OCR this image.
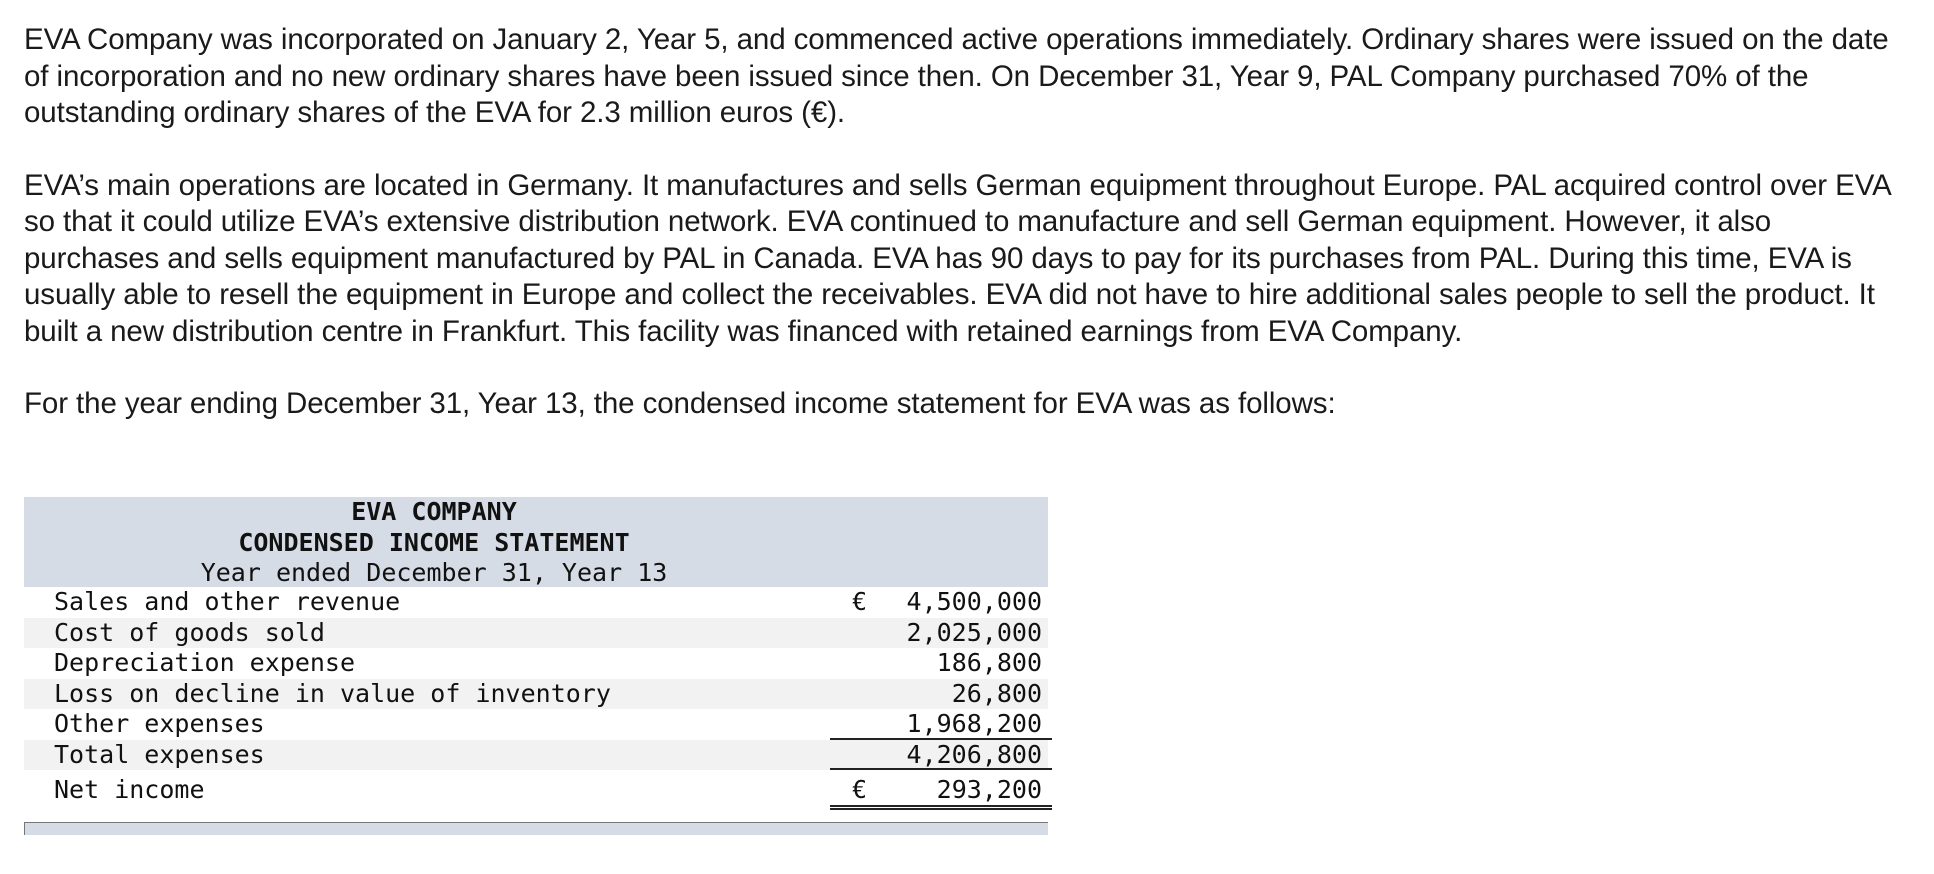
EVA Company was incorporated on January 2, Year 5, and commenced active operations immediately. Ordinary shares were issued on the date of incorporation and no new ordinary shares have been issued since then. On December 31, Year 9, PAL Company purchased 70% of the outstanding ordinary shares of the EVA for 2.3 million euros (€).

EVA’s main operations are located in Germany. It manufactures and sells German equipment throughout Europe. PAL acquired control over EVA so that it could utilize EVA’s extensive distribution network. EVA continued to manufacture and sell German equipment. However, it also purchases and sells equipment manufactured by PAL in Canada. EVA has 90 days to pay for its purchases from PAL. During this time, EVA is usually able to resell the equipment in Europe and collect the receivables. EVA did not have to hire additional sales people to sell the product. It built a new distribution centre in Frankfurt. This facility was financed with retained earnings from EVA Company.

For the year ending December 31, Year 13, the condensed income statement for EVA was as follows:

EVA COMPANY
CONDENSED INCOME STATEMENT
Year ended December 31, Year 13
Sales and other revenue	€ 4,500,000
Cost of goods sold	2,025,000
Depreciation expense	186,800
Loss on decline in value of inventory	26,800
Other expenses	1,968,200
Total expenses	4,206,800
Net income	€	293,200
